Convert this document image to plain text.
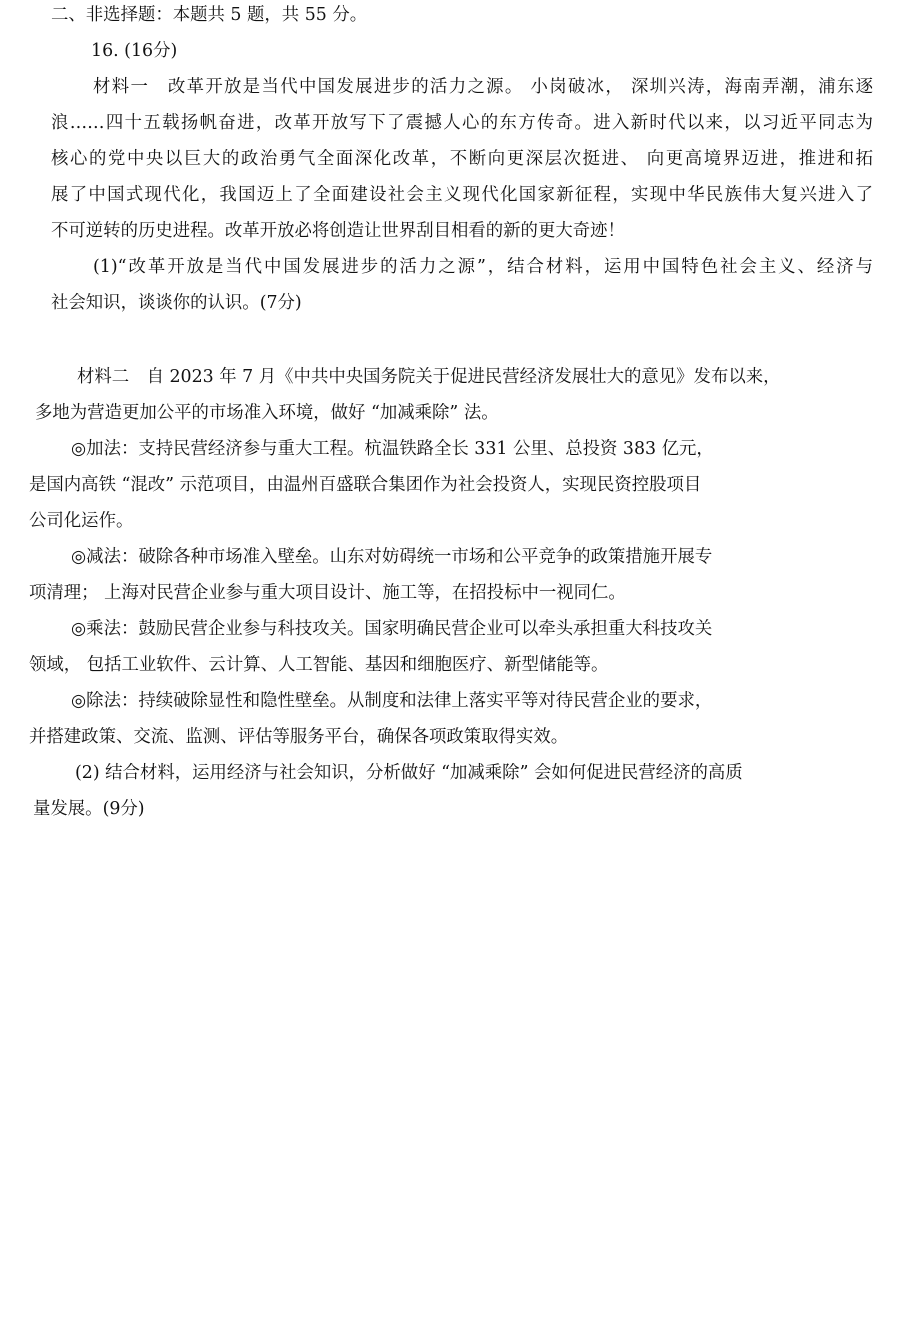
二、非选择题：本题共 5 题，共 55 分。
16. (16分)
材料一　改革开放是当代中国发展进步的活力之源。 小岗破冰， 深圳兴涛，海南弄潮，浦东逐
浪……四十五载扬帆奋进，改革开放写下了震撼人心的东方传奇。进入新时代以来，以习近平同志为
核心的党中央以巨大的政治勇气全面深化改革，不断向更深层次挺进、 向更高境界迈进，推进和拓
展了中国式现代化，我国迈上了全面建设社会主义现代化国家新征程，实现中华民族伟大复兴进入了
不可逆转的历史进程。改革开放必将创造让世界刮目相看的新的更大奇迹！
(1)“改革开放是当代中国发展进步的活力之源”，结合材料，运用中国特色社会主义、经济与
社会知识，谈谈你的认识。(7分)
材料二　自 2023 年 7 月《中共中央国务院关于促进民营经济发展壮大的意见》发布以来，
多地为营造更加公平的市场准入环境，做好 “加减乘除” 法。
◎加法：支持民营经济参与重大工程。杭温铁路全长 331 公里、总投资 383 亿元，
是国内高铁 “混改” 示范项目，由温州百盛联合集团作为社会投资人，实现民资控股项目
公司化运作。
◎减法：破除各种市场准入壁垒。山东对妨碍统一市场和公平竞争的政策措施开展专
项清理； 上海对民营企业参与重大项目设计、施工等，在招投标中一视同仁。
◎乘法：鼓励民营企业参与科技攻关。国家明确民营企业可以牵头承担重大科技攻关
领域， 包括工业软件、云计算、人工智能、基因和细胞医疗、新型储能等。
◎除法：持续破除显性和隐性壁垒。从制度和法律上落实平等对待民营企业的要求，
并搭建政策、交流、监测、评估等服务平台，确保各项政策取得实效。
(2) 结合材料，运用经济与社会知识，分析做好 “加减乘除” 会如何促进民营经济的高质
量发展。(9分)
